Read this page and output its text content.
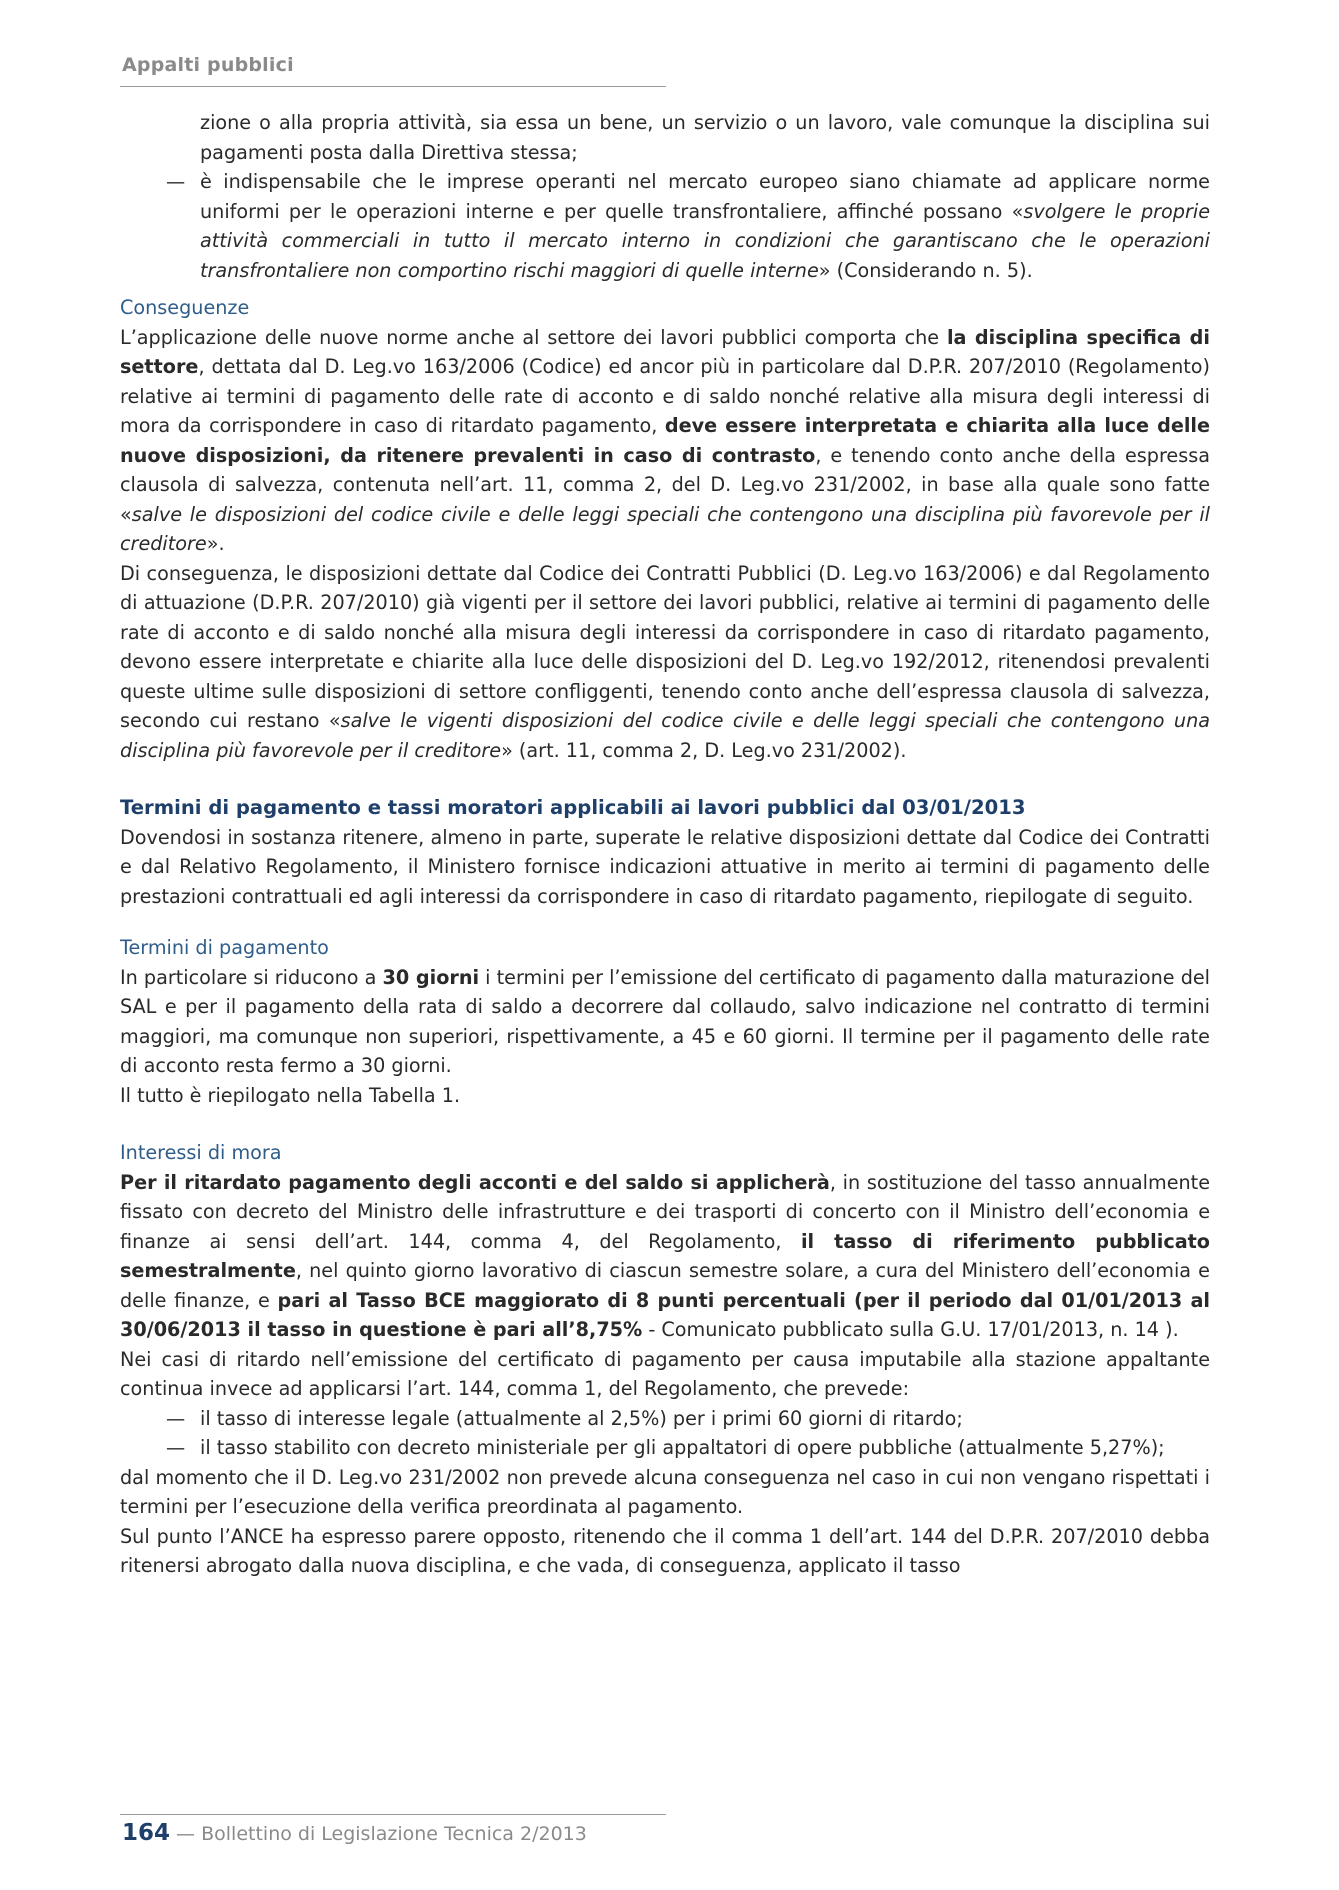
Appalti pubblici

zione o alla propria attività, sia essa un bene, un servizio o un lavoro, vale comunque la disciplina sui pagamenti posta dalla Direttiva stessa;

— è indispensabile che le imprese operanti nel mercato europeo siano chiamate ad applicare norme uniformi per le operazioni interne e per quelle transfrontaliere, affinché possano «svolgere le proprie attività commerciali in tutto il mercato interno in condizioni che garantiscano che le operazioni transfrontaliere non comportino rischi maggiori di quelle interne» (Considerando n. 5).
Conseguenze

L’applicazione delle nuove norme anche al settore dei lavori pubblici comporta che la disciplina specifica di settore, dettata dal D. Leg.vo 163/2006 (Codice) ed ancor più in particolare dal D.P.R. 207/2010 (Regolamento) relative ai termini di pagamento delle rate di acconto e di saldo nonché relative alla misura degli interessi di mora da corrispondere in caso di ritardato pagamento, deve essere interpretata e chiarita alla luce delle nuove disposizioni, da ritenere prevalenti in caso di contrasto, e tenendo conto anche della espressa clausola di salvezza, contenuta nell’art. 11, comma 2, del D. Leg.vo 231/2002, in base alla quale sono fatte «salve le disposizioni del codice civile e delle leggi speciali che contengono una disciplina più favorevole per il creditore».

Di conseguenza, le disposizioni dettate dal Codice dei Contratti Pubblici (D. Leg.vo 163/2006) e dal Regolamento di attuazione (D.P.R. 207/2010) già vigenti per il settore dei lavori pubblici, relative ai termini di pagamento delle rate di acconto e di saldo nonché alla misura degli interessi da corrispondere in caso di ritardato pagamento, devono essere interpretate e chiarite alla luce delle disposizioni del D. Leg.vo 192/2012, ritenendosi prevalenti queste ultime sulle disposizioni di settore confliggenti, tenendo conto anche dell’espressa clausola di salvezza, secondo cui restano «salve le vigenti disposizioni del codice civile e delle leggi speciali che contengono una disciplina più favorevole per il creditore» (art. 11, comma 2, D. Leg.vo 231/2002).

Termini di pagamento e tassi moratori applicabili ai lavori pubblici dal 03/01/2013

Dovendosi in sostanza ritenere, almeno in parte, superate le relative disposizioni dettate dal Codice dei Contratti e dal Relativo Regolamento, il Ministero fornisce indicazioni attuative in merito ai termini di pagamento delle prestazioni contrattuali ed agli interessi da corrispondere in caso di ritardato pagamento, riepilogate di seguito.

Termini di pagamento

In particolare si riducono a 30 giorni i termini per l’emissione del certificato di pagamento dalla maturazione del SAL e per il pagamento della rata di saldo a decorrere dal collaudo, salvo indicazione nel contratto di termini maggiori, ma comunque non superiori, rispettivamente, a 45 e 60 giorni. Il termine per il pagamento delle rate di acconto resta fermo a 30 giorni.

Il tutto è riepilogato nella Tabella 1.

Interessi di mora

Per il ritardato pagamento degli acconti e del saldo si applicherà, in sostituzione del tasso annualmente fissato con decreto del Ministro delle infrastrutture e dei trasporti di concerto con il Ministro dell’economia e finanze ai sensi dell’art. 144, comma 4, del Regolamento, il tasso di riferimento pubblicato semestralmente, nel quinto giorno lavorativo di ciascun semestre solare, a cura del Ministero dell’economia e delle finanze, e pari al Tasso BCE maggiorato di 8 punti percentuali (per il periodo dal 01/01/2013 al 30/06/2013 il tasso in questione è pari all’8,75% - Comunicato pubblicato sulla G.U. 17/01/2013, n. 14 ).

Nei casi di ritardo nell’emissione del certificato di pagamento per causa imputabile alla stazione appaltante continua invece ad applicarsi l’art. 144, comma 1, del Regolamento, che prevede:

— il tasso di interesse legale (attualmente al 2,5%) per i primi 60 giorni di ritardo;
— il tasso stabilito con decreto ministeriale per gli appaltatori di opere pubbliche (attualmente 5,27%);

dal momento che il D. Leg.vo 231/2002 non prevede alcuna conseguenza nel caso in cui non vengano rispettati i termini per l’esecuzione della verifica preordinata al pagamento.

Sul punto l’ANCE ha espresso parere opposto, ritenendo che il comma 1 dell’art. 144 del D.P.R. 207/2010 debba ritenersi abrogato dalla nuova disciplina, e che vada, di conseguenza, applicato il tasso

164 — Bollettino di Legislazione Tecnica 2/2013
